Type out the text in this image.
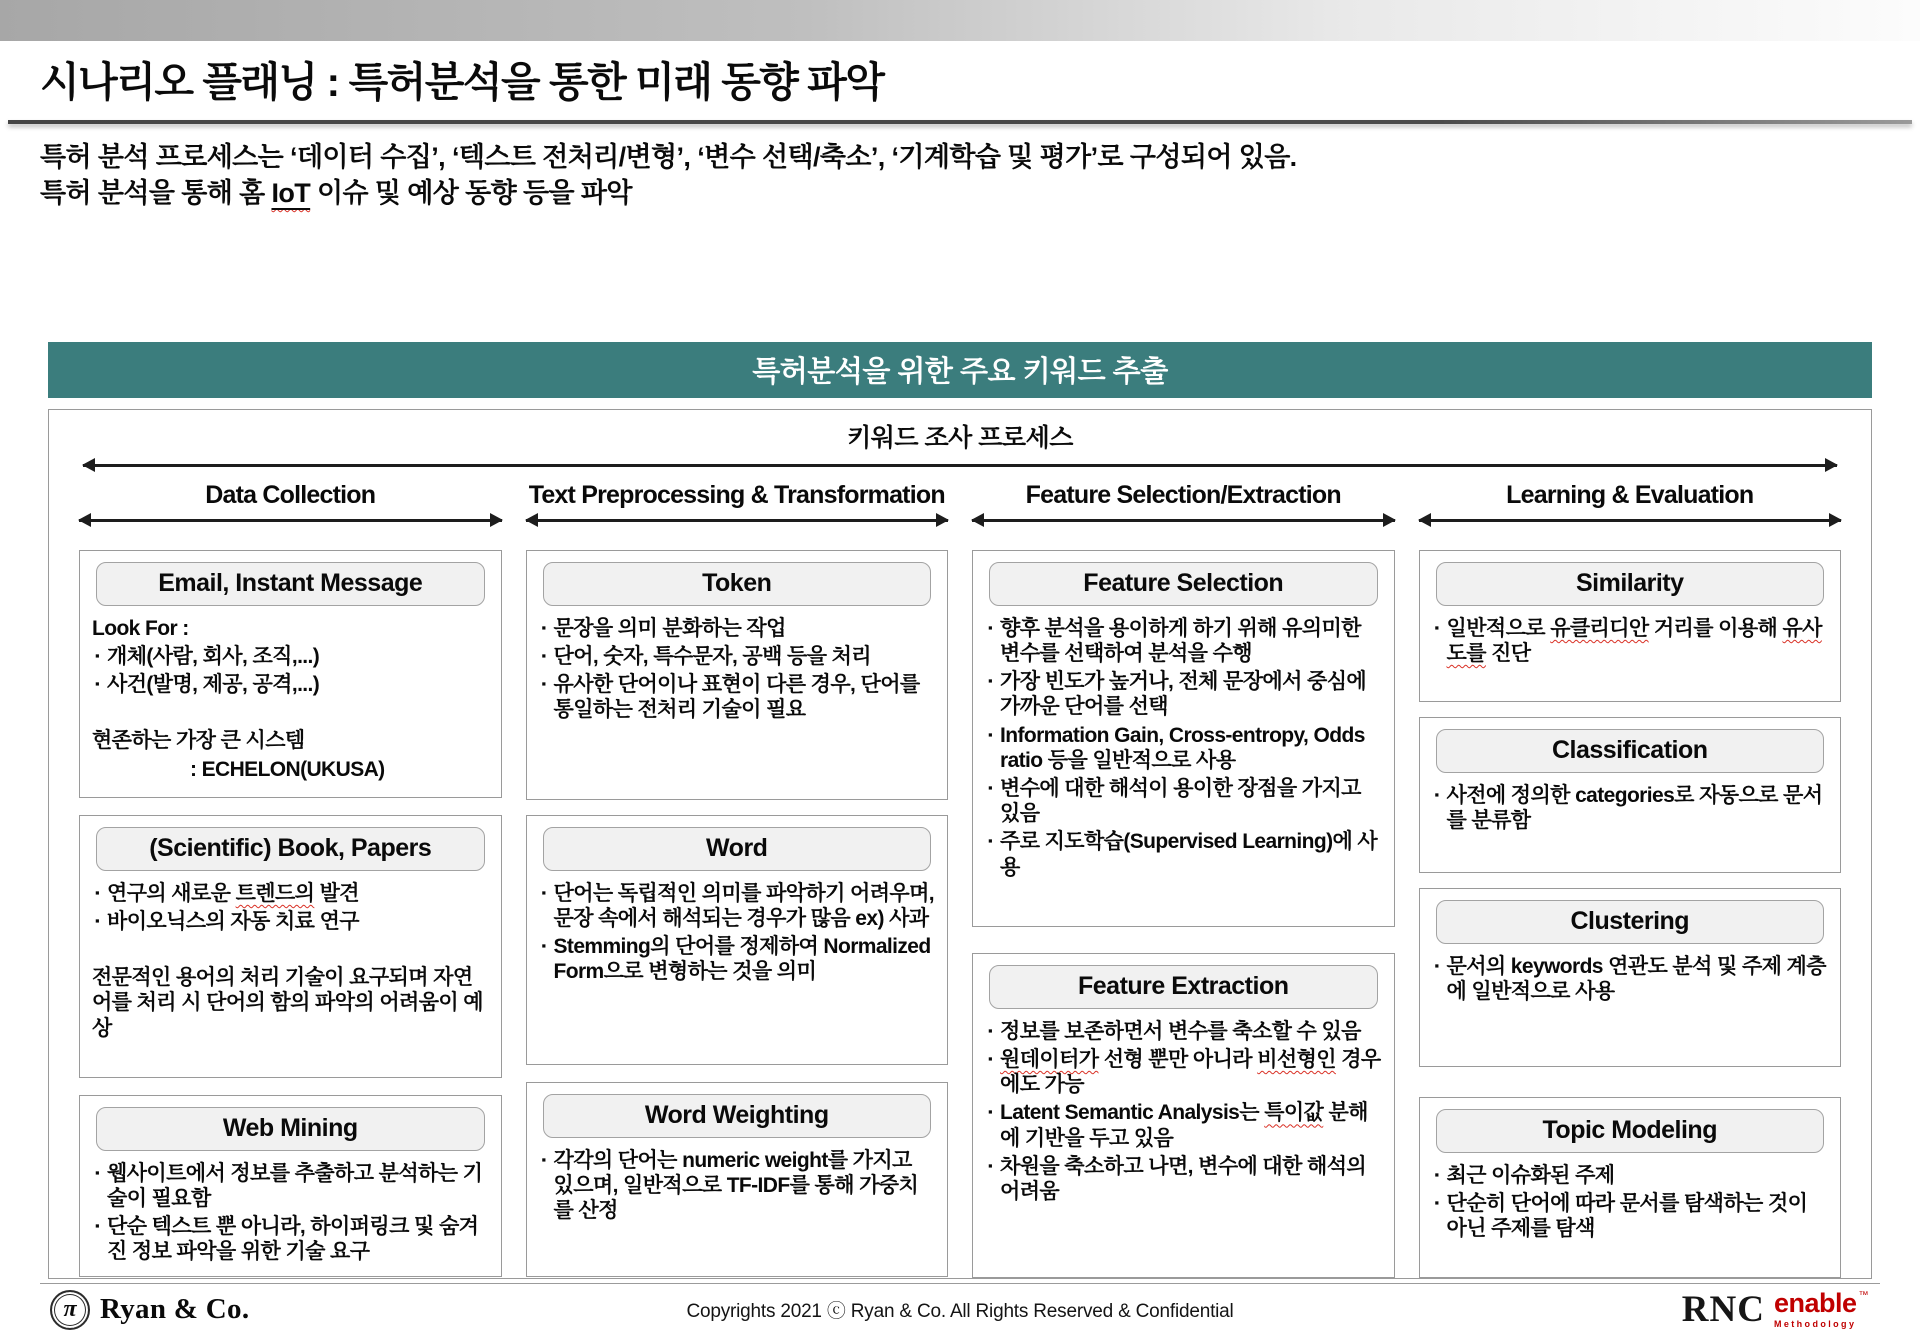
시나리오 플래닝 : 특허분석을 통한 미래 동향 파악
특허 분석 프로세스는 ‘데이터 수집’, ‘텍스트 전처리/변형’, ‘변수 선택/축소’, ‘기계학습 및 평가’로 구성되어 있음.
특허 분석을 통해 홈 IoT 이슈 및 예상 동향 등을 파악
특허분석을 위한 주요 키워드 추출
키워드 조사 프로세스
Data Collection
Email, Instant Message
Look For :
▪ 개체(사람, 회사, 조직,...)
▪ 사건(발명, 제공, 공격,...)
현존하는 가장 큰 시스템
: ECHELON(UKUSA)
(Scientific) Book, Papers
▪ 연구의 새로운 트렌드의 발견
▪ 바이오닉스의 자동 치료 연구
전문적인 용어의 처리 기술이 요구되며 자연어를 처리 시 단어의 함의 파악의 어려움이 예상
Web Mining
▪ 웹사이트에서 정보를 추출하고 분석하는 기술이 필요함
▪ 단순 텍스트 뿐 아니라, 하이퍼링크 및 숨겨진 정보 파악을 위한 기술 요구
Text Preprocessing & Transformation
Token
▪ 문장을 의미 분화하는 작업
▪ 단어, 숫자, 특수문자, 공백 등을 처리
▪ 유사한 단어이나 표현이 다른 경우, 단어를 통일하는 전처리 기술이 필요
Word
▪ 단어는 독립적인 의미를 파악하기 어려우며, 문장 속에서 해석되는 경우가 많음 ex) 사과
▪ Stemming의 단어를 정제하여 Normalized Form으로 변형하는 것을 의미
Word Weighting
▪ 각각의 단어는 numeric weight를 가지고 있으며, 일반적으로 TF-IDF를 통해 가중치를 산정
Feature Selection/Extraction
Feature Selection
▪ 향후 분석을 용이하게 하기 위해 유의미한 변수를 선택하여 분석을 수행
▪ 가장 빈도가 높거나, 전체 문장에서 중심에 가까운 단어를 선택
▪ Information Gain, Cross-entropy, Odds ratio 등을 일반적으로 사용
▪ 변수에 대한 해석이 용이한 장점을 가지고 있음
▪ 주로 지도학습(Supervised Learning)에 사용
Feature Extraction
▪ 정보를 보존하면서 변수를 축소할 수 있음
▪ 원데이터가 선형 뿐만 아니라 비선형인 경우에도 가능
▪ Latent Semantic Analysis는 특이값 분해에 기반을 두고 있음
▪ 차원을 축소하고 나면, 변수에 대한 해석의 어려움
Learning & Evaluation
Similarity
▪ 일반적으로 유클리디안 거리를 이용해 유사도를 진단
Classification
▪ 사전에 정의한 categories로 자동으로 문서를 분류함
Clustering
▪ 문서의 keywords 연관도 분석 및 주제 계층에 일반적으로 사용
Topic Modeling
▪ 최근 이슈화된 주제
▪ 단순히 단어에 따라 문서를 탐색하는 것이 아닌 주제를 탐색
π Ryan & Co.	Copyrights 2021 ⓒ Ryan & Co. All Rights Reserved & Confidential	RNC enable ™
Methodology
